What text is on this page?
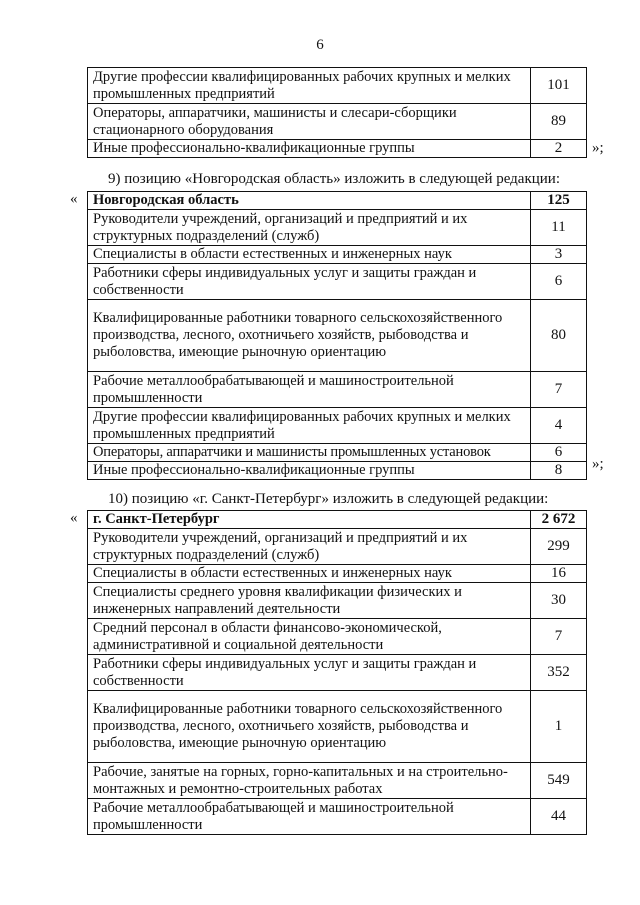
6
Другие профессии квалифицированных рабочих крупных и мелких промышленных предприятий	101
Операторы, аппаратчики, машинисты и слесари-сборщики стационарного оборудования	89
Иные профессионально-квалификационные группы	2 »;
9) позицию «Новгородская область» изложить в следующей редакции:
« Новгородская область	125
Руководители учреждений, организаций и предприятий и их структурных подразделений (служб)	11
Специалисты в области естественных и инженерных наук	3
Работники сферы индивидуальных услуг и защиты граждан и собственности	6
Квалифицированные работники товарного сельскохозяйственного производства, лесного, охотничьего хозяйств, рыбоводства и рыболовства, имеющие рыночную ориентацию	80
Рабочие металлообрабатывающей и машиностроительной промышленности	7
Другие профессии квалифицированных рабочих крупных и мелких промышленных предприятий	4
Операторы, аппаратчики и машинисты промышленных установок	6
Иные профессионально-квалификационные группы	8 »;
10) позицию «г. Санкт-Петербург» изложить в следующей редакции:
« г. Санкт-Петербург	2 672
Руководители учреждений, организаций и предприятий и их структурных подразделений (служб)	299
Специалисты в области естественных и инженерных наук	16
Специалисты среднего уровня квалификации физических и инженерных направлений деятельности	30
Средний персонал в области финансово-экономической, административной и социальной деятельности	7
Работники сферы индивидуальных услуг и защиты граждан и собственности	352
Квалифицированные работники товарного сельскохозяйственного производства, лесного, охотничьего хозяйств, рыбоводства и рыболовства, имеющие рыночную ориентацию	1
Рабочие, занятые на горных, горно-капитальных и на строительно-монтажных и ремонтно-строительных работах	549
Рабочие металлообрабатывающей и машиностроительной промышленности	44
